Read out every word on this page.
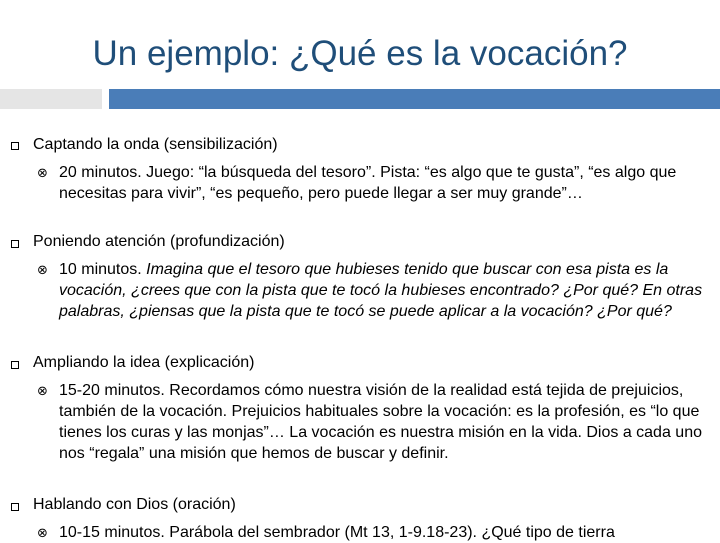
Un ejemplo: ¿Qué es la vocación?
Captando la onda (sensibilización)
⊗ 20 minutos. Juego: “la búsqueda del tesoro”. Pista: “es algo que te gusta”, “es algo que necesitas para vivir”, “es pequeño, pero puede llegar a ser muy grande”…
Poniendo atención (profundización)
⊗ 10 minutos. Imagina que el tesoro que hubieses tenido que buscar con esa pista es la vocación, ¿crees que con la pista que te tocó la hubieses encontrado? ¿Por qué? En otras palabras, ¿piensas que la pista que te tocó se puede aplicar a la vocación? ¿Por qué?
Ampliando la idea (explicación)
⊗ 15-20 minutos. Recordamos cómo nuestra visión de la realidad está tejida de prejuicios, también de la vocación. Prejuicios habituales sobre la vocación: es la profesión, es “lo que tienes los curas y las monjas”… La vocación es nuestra misión en la vida. Dios a cada uno nos “regala” una misión que hemos de buscar y definir.
Hablando con Dios (oración)
⊗ 10-15 minutos. Parábola del sembrador (Mt 13, 1-9.18-23). ¿Qué tipo de tierra
